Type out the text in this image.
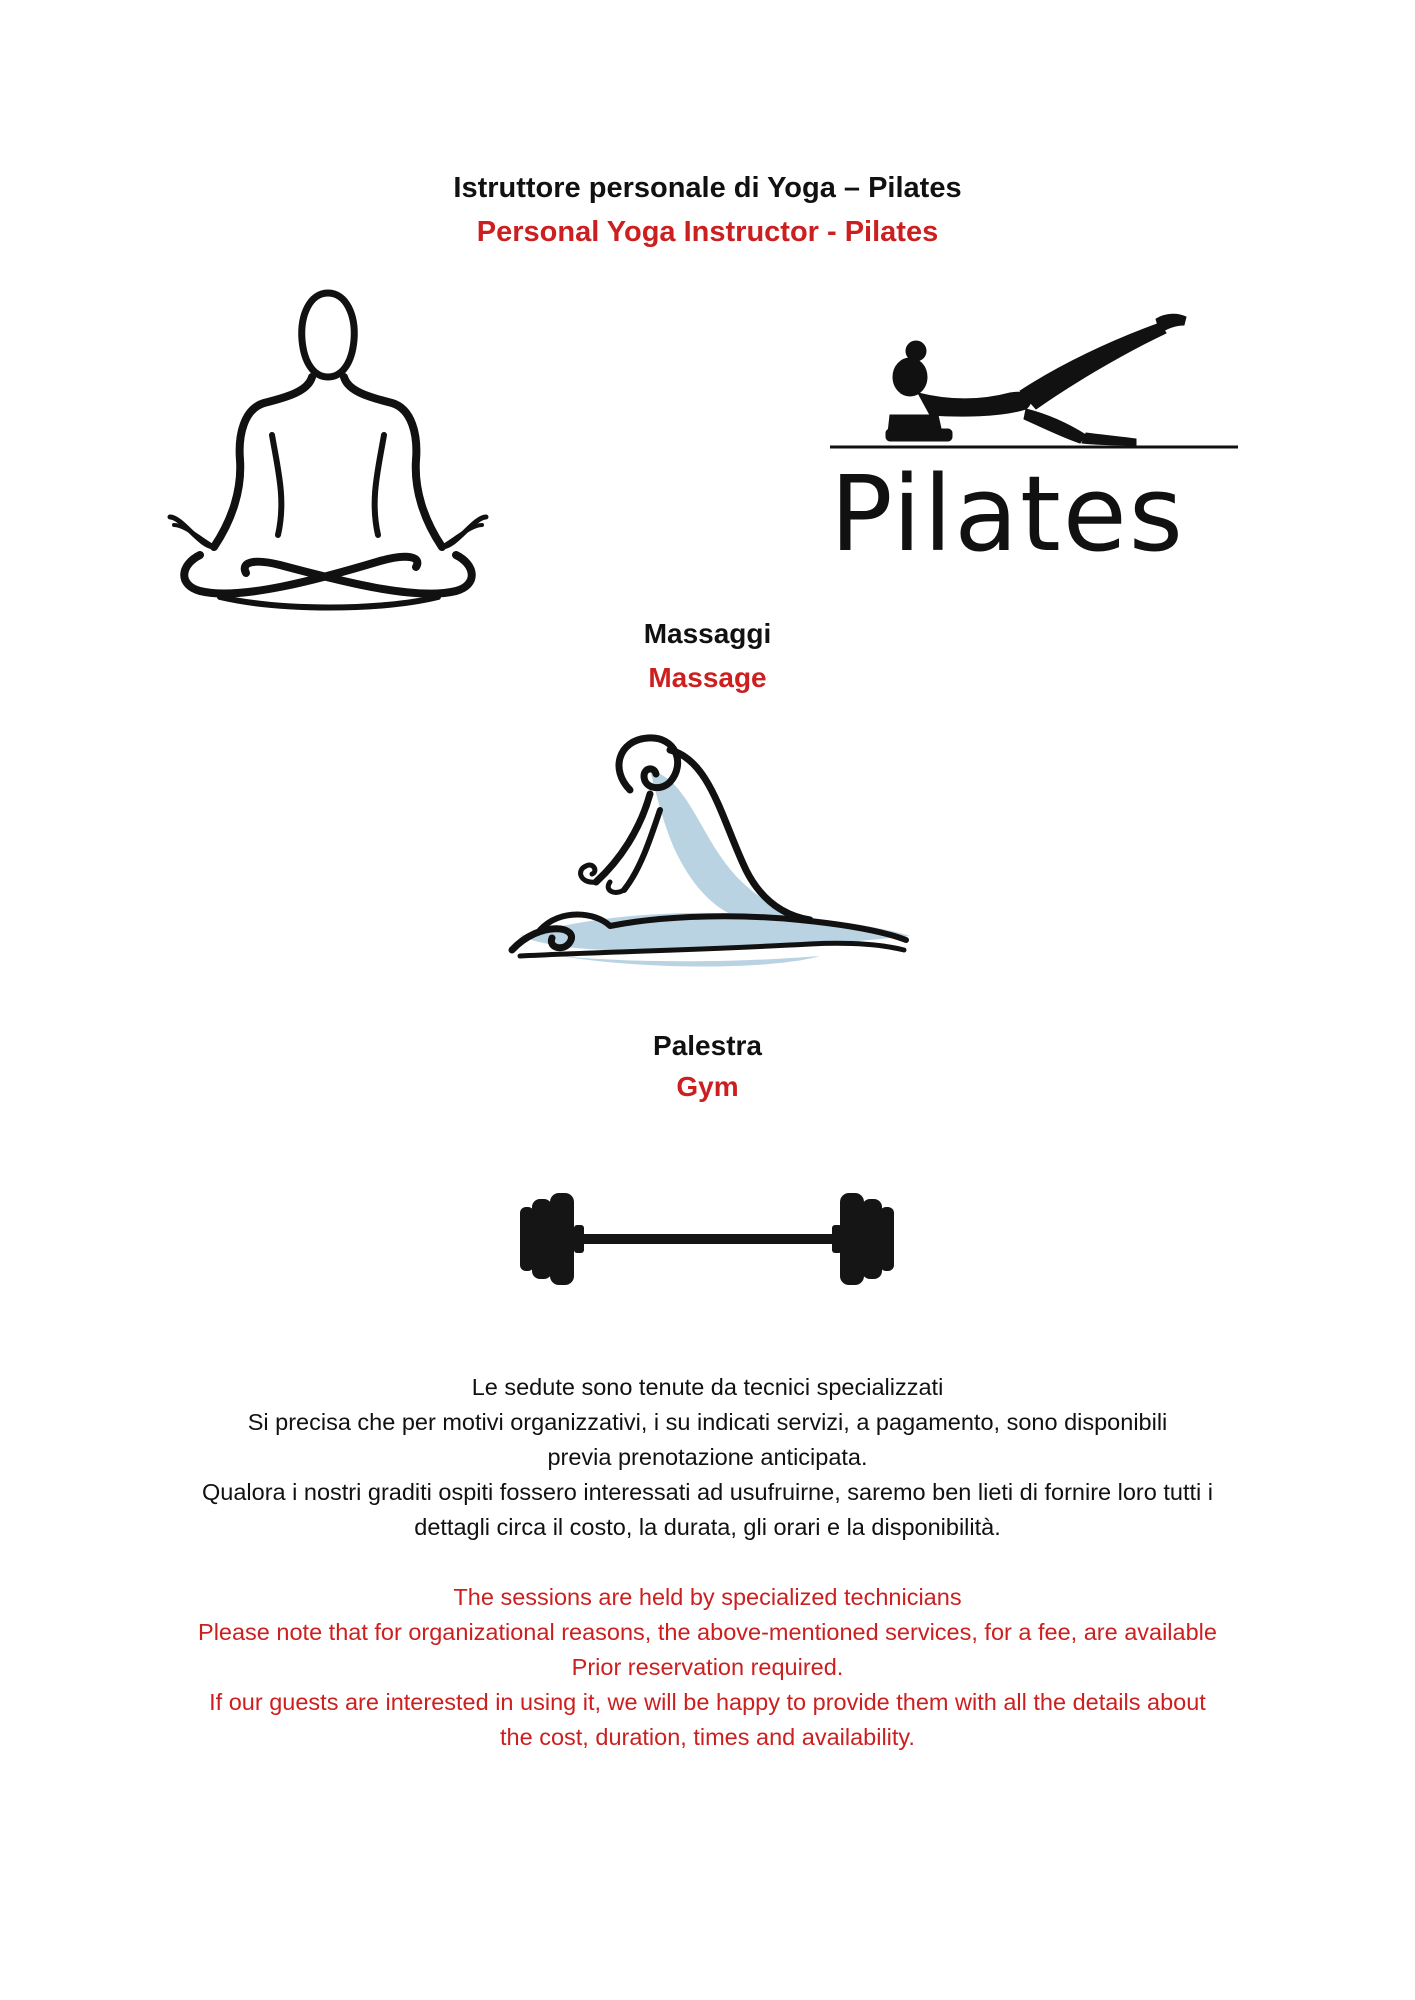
Istruttore personale di Yoga – Pilates

Personal Yoga Instructor - Pilates

Pilates

Massaggi

Massage

Palestra

Gym

Le sedute sono tenute da tecnici specializzati
Si precisa che per motivi organizzativi, i su indicati servizi, a pagamento, sono disponibili
previa prenotazione anticipata.
Qualora i nostri graditi ospiti fossero interessati ad usufruirne, saremo ben lieti di fornire loro tutti i
dettagli circa il costo, la durata, gli orari e la disponibilità.
The sessions are held by specialized technicians
Please note that for organizational reasons, the above-mentioned services, for a fee, are available
Prior reservation required.
If our guests are interested in using it, we will be happy to provide them with all the details about
the cost, duration, times and availability.
